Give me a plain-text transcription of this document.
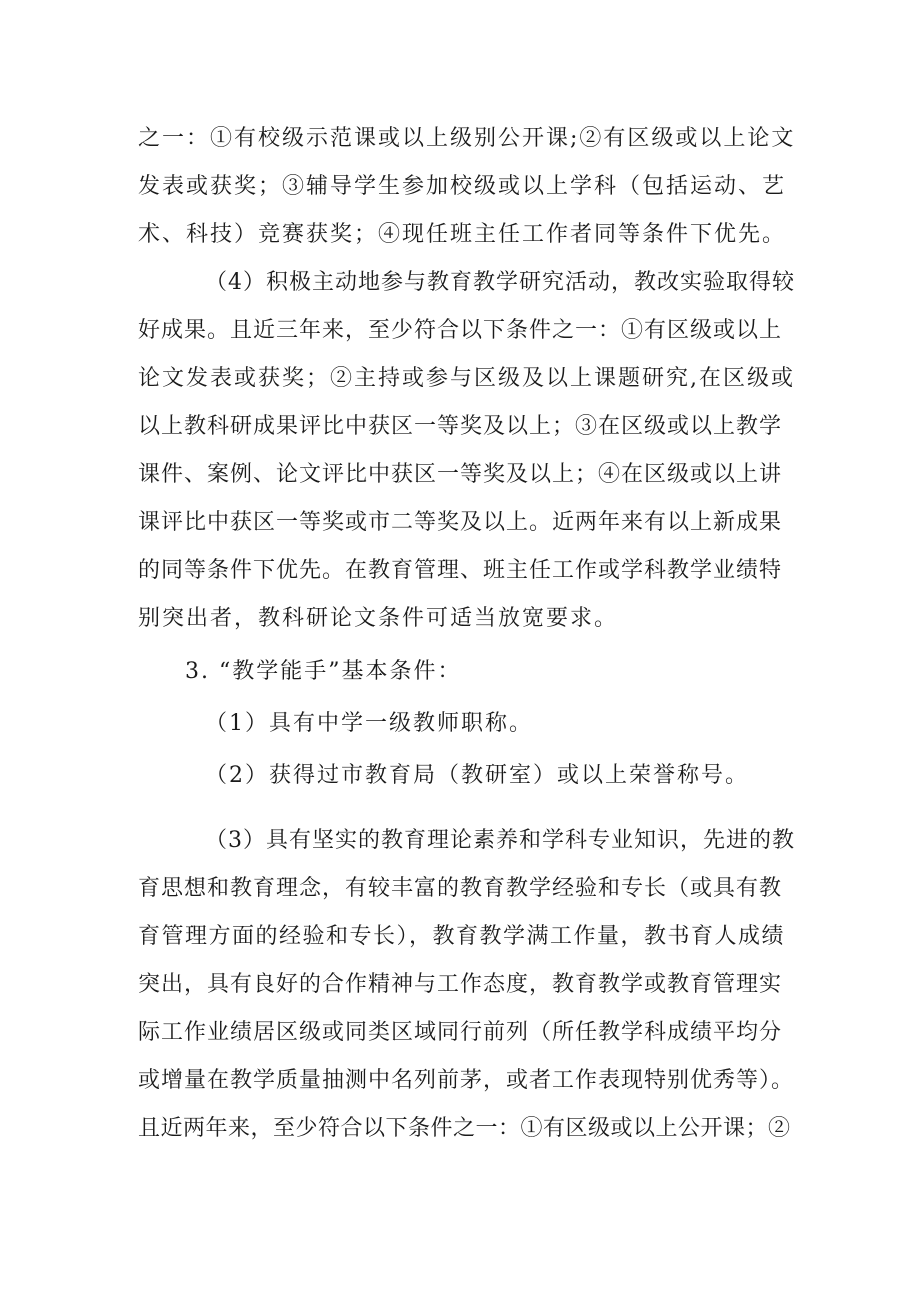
之一：①有校级示范课或以上级别公开课;②有区级或以上论文
发表或获奖；③辅导学生参加校级或以上学科（包括运动、艺
术、科技）竞赛获奖；④现任班主任工作者同等条件下优先。
（4）积极主动地参与教育教学研究活动，教改实验取得较
好成果。且近三年来，至少符合以下条件之一：①有区级或以上
论文发表或获奖；②主持或参与区级及以上课题研究,在区级或
以上教科研成果评比中获区一等奖及以上；③在区级或以上教学
课件、案例、论文评比中获区一等奖及以上；④在区级或以上讲
课评比中获区一等奖或市二等奖及以上。近两年来有以上新成果
的同等条件下优先。在教育管理、班主任工作或学科教学业绩特
别突出者，教科研论文条件可适当放宽要求。
3. “教学能手”基本条件：
（1）具有中学一级教师职称。
（2）获得过市教育局（教研室）或以上荣誉称号。
（3）具有坚实的教育理论素养和学科专业知识，先进的教
育思想和教育理念，有较丰富的教育教学经验和专长（或具有教
育管理方面的经验和专长），教育教学满工作量，教书育人成绩
突出，具有良好的合作精神与工作态度，教育教学或教育管理实
际工作业绩居区级或同类区域同行前列（所任教学科成绩平均分
或增量在教学质量抽测中名列前茅，或者工作表现特别优秀等）。
且近两年来，至少符合以下条件之一：①有区级或以上公开课；②
